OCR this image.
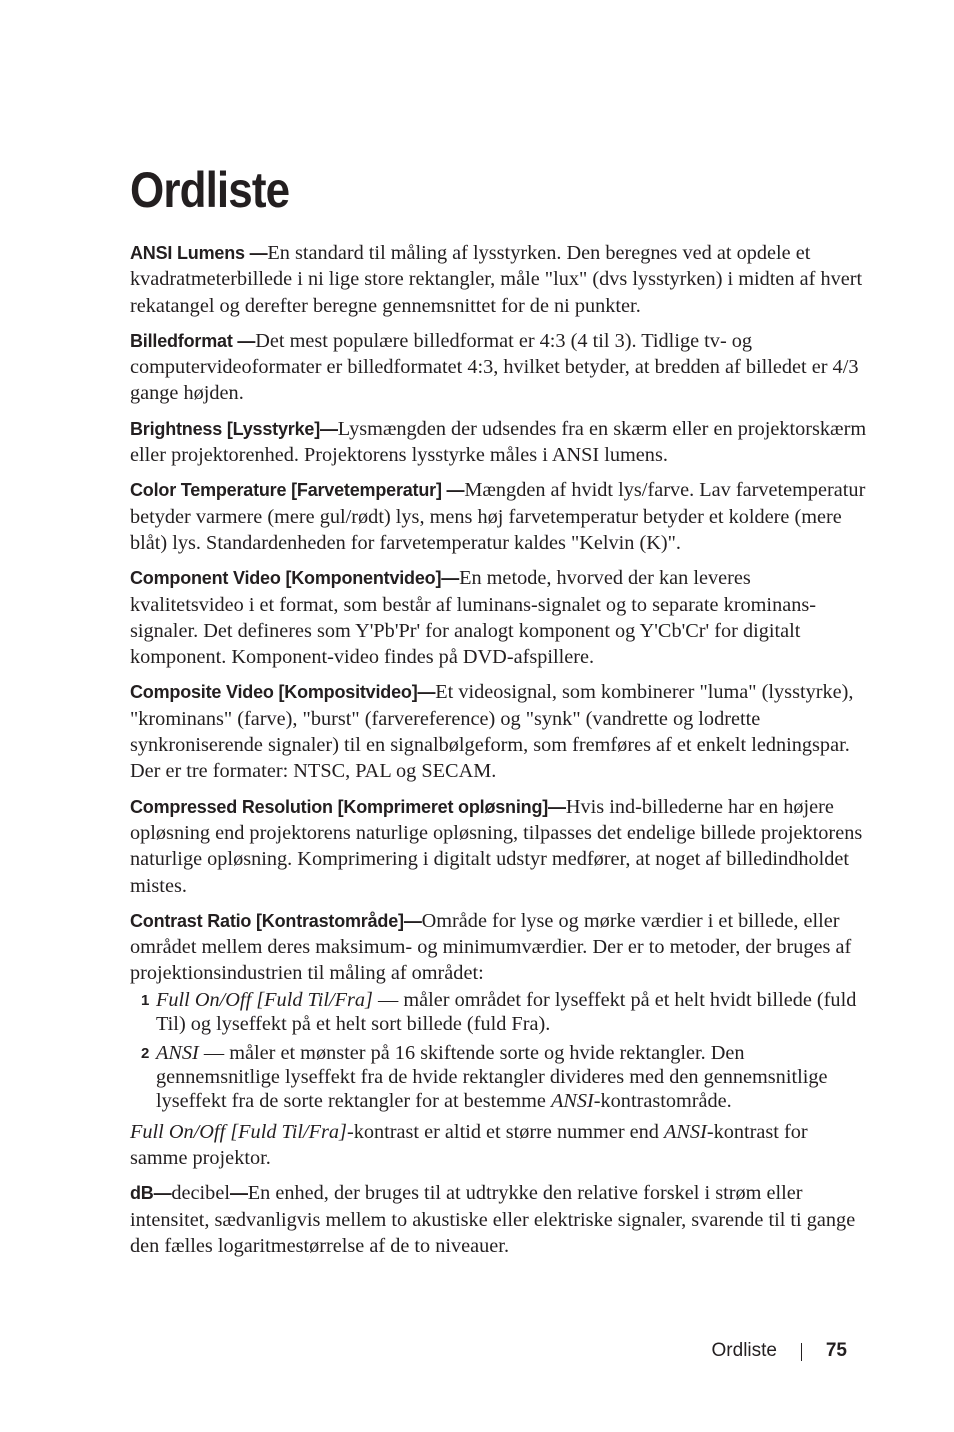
Ordliste

ANSI Lumens —En standard til måling af lysstyrken. Den beregnes ved at opdele et kvadratmeterbillede i ni lige store rektangler, måle "lux" (dvs lysstyrken) i midten af hvert rekatangel og derefter beregne gennemsnittet for de ni punkter.

Billedformat —Det mest populære billedformat er 4:3 (4 til 3). Tidlige tv- og computervideoformater er billedformatet 4:3, hvilket betyder, at bredden af billedet er 4/3 gange højden.

Brightness [Lysstyrke]—Lysmængden der udsendes fra en skærm eller en projektorskærm eller projektorenhed. Projektorens lysstyrke måles i ANSI lumens.

Color Temperature [Farvetemperatur] —Mængden af hvidt lys/farve. Lav farvetemperatur betyder varmere (mere gul/rødt) lys, mens høj farvetemperatur betyder et koldere (mere blåt) lys. Standardenheden for farvetemperatur kaldes "Kelvin (K)".

Component Video [Komponentvideo]—En metode, hvorved der kan leveres kvalitetsvideo i et format, som består af luminans-signalet og to separate krominans-signaler. Det defineres som Y'Pb'Pr' for analogt komponent og Y'Cb'Cr' for digitalt komponent. Komponent-video findes på DVD-afspillere.

Composite Video [Kompositvideo]—Et videosignal, som kombinerer "luma" (lysstyrke), "krominans" (farve), "burst" (farvereference) og "synk" (vandrette og lodrette synkroniserende signaler) til en signalbølgeform, som fremføres af et enkelt ledningspar. Der er tre formater: NTSC, PAL og SECAM.

Compressed Resolution [Komprimeret opløsning]—Hvis ind-billederne har en højere opløsning end projektorens naturlige opløsning, tilpasses det endelige billede projektorens naturlige opløsning. Komprimering i digitalt udstyr medfører, at noget af billedindholdet mistes.

Contrast Ratio [Kontrastområde]—Område for lyse og mørke værdier i et billede, eller området mellem deres maksimum- og minimumværdier. Der er to metoder, der bruges af projektionsindustrien til måling af området:

1 Full On/Off [Fuld Til/Fra] — måler området for lyseffekt på et helt hvidt billede (fuld Til) og lyseffekt på et helt sort billede (fuld Fra).
2 ANSI — måler et mønster på 16 skiftende sorte og hvide rektangler. Den gennemsnitlige lyseffekt fra de hvide rektangler divideres med den gennemsnitlige lyseffekt fra de sorte rektangler for at bestemme ANSI-kontrastområde.

Full On/Off [Fuld Til/Fra]-kontrast er altid et større nummer end ANSI-kontrast for samme projektor.

dB—decibel—En enhed, der bruges til at udtrykke den relative forskel i strøm eller intensitet, sædvanligvis mellem to akustiske eller elektriske signaler, svarende til ti gange den fælles logaritmestørrelse af de to niveauer.

Ordliste	75
